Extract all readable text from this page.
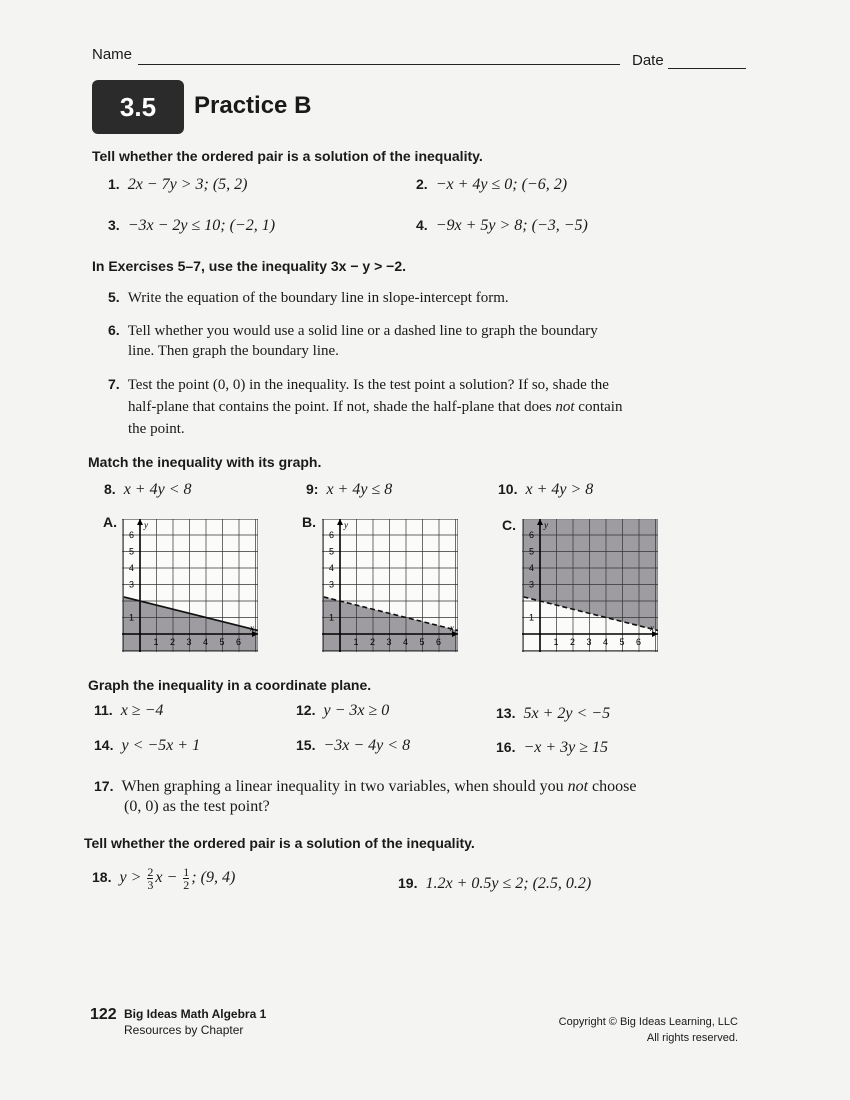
Name	Date
3.5	Practice B
Tell whether the ordered pair is a solution of the inequality.
1. 2x − 7y > 3; (5, 2)	2. −x + 4y ≤ 0; (−6, 2)
3. −3x − 2y ≤ 10; (−2, 1)	4. −9x + 5y > 8; (−3, −5)
In Exercises 5–7, use the inequality 3x − y > −2.
5. Write the equation of the boundary line in slope-intercept form.
6. Tell whether you would use a solid line or a dashed line to graph the boundary line. Then graph the boundary line.
7. Test the point (0, 0) in the inequality. Is the test point a solution? If so, shade the half-plane that contains the point. If not, shade the half-plane that does not contain the point.
Match the inequality with its graph.
8. x + 4y < 8	9: x + 4y ≤ 8	10. x + 4y > 8
A.
1 2 3 4 5 6
1
3
4
5
6
x
y	B.
1 2 3 4 5 6
1
3
4
5
6
x
y	C.
1 2 3 4 5 6
1
3
4
5
6
x
y
Graph the inequality in a coordinate plane.
11. x ≥ −4	12. y − 3x ≥ 0	13. 5x + 2y < −5
14. y < −5x + 1	15. −3x − 4y < 8	16. −x + 3y ≥ 15
17. When graphing a linear inequality in two variables, when should you not choose (0, 0) as the test point?
Tell whether the ordered pair is a solution of the inequality.
18. $y > \frac{2}{3}$ $x - \frac{1}{2}$ ; (9, 4)	19. 1.2x + 0.5y ≤ 2; (2.5, 0.2)
122 Big Ideas Math Algebra 1
Resources by Chapter
Copyright © Big Ideas Learning, LLC
All rights reserved.
